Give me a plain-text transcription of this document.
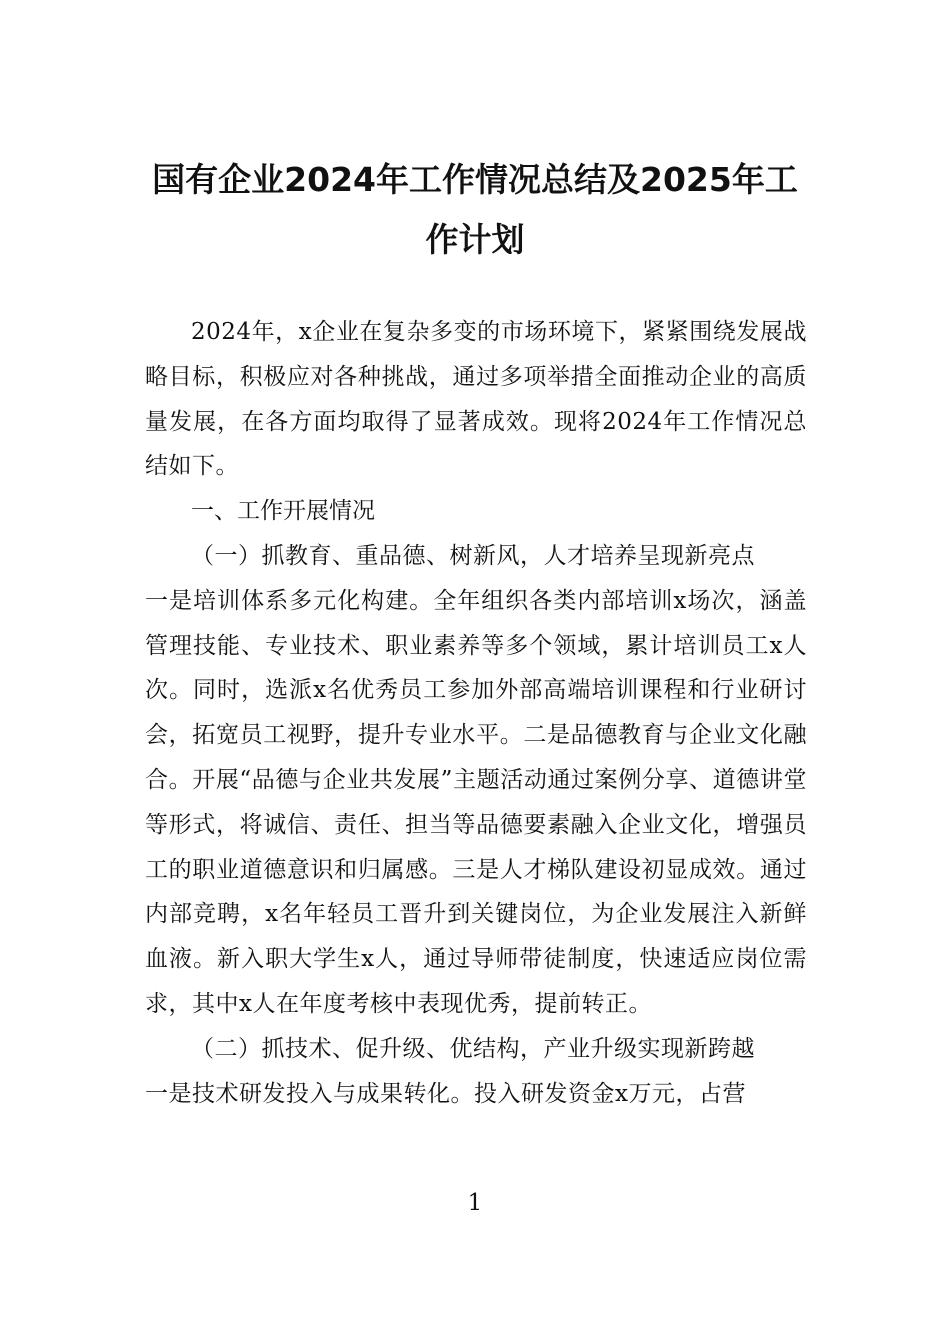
国有企业2024年工作情况总结及2025年工作计划

2024年，x企业在复杂多变的市场环境下，紧紧围绕发展战略目标，积极应对各种挑战，通过多项举措全面推动企业的高质量发展，在各方面均取得了显著成效。现将2024年工作情况总结如下。

一、工作开展情况

（一）抓教育、重品德、树新风，人才培养呈现新亮点

一是培训体系多元化构建。全年组织各类内部培训x场次，涵盖管理技能、专业技术、职业素养等多个领域，累计培训员工x人次。同时，选派x名优秀员工参加外部高端培训课程和行业研讨会，拓宽员工视野，提升专业水平。二是品德教育与企业文化融合。开展“品德与企业共发展”主题活动通过案例分享、道德讲堂等形式，将诚信、责任、担当等品德要素融入企业文化，增强员工的职业道德意识和归属感。三是人才梯队建设初显成效。通过内部竞聘，x名年轻员工晋升到关键岗位，为企业发展注入新鲜血液。新入职大学生x人，通过导师带徒制度，快速适应岗位需求，其中x人在年度考核中表现优秀，提前转正。

（二）抓技术、促升级、优结构，产业升级实现新跨越

一是技术研发投入与成果转化。投入研发资金x万元，占营

1
